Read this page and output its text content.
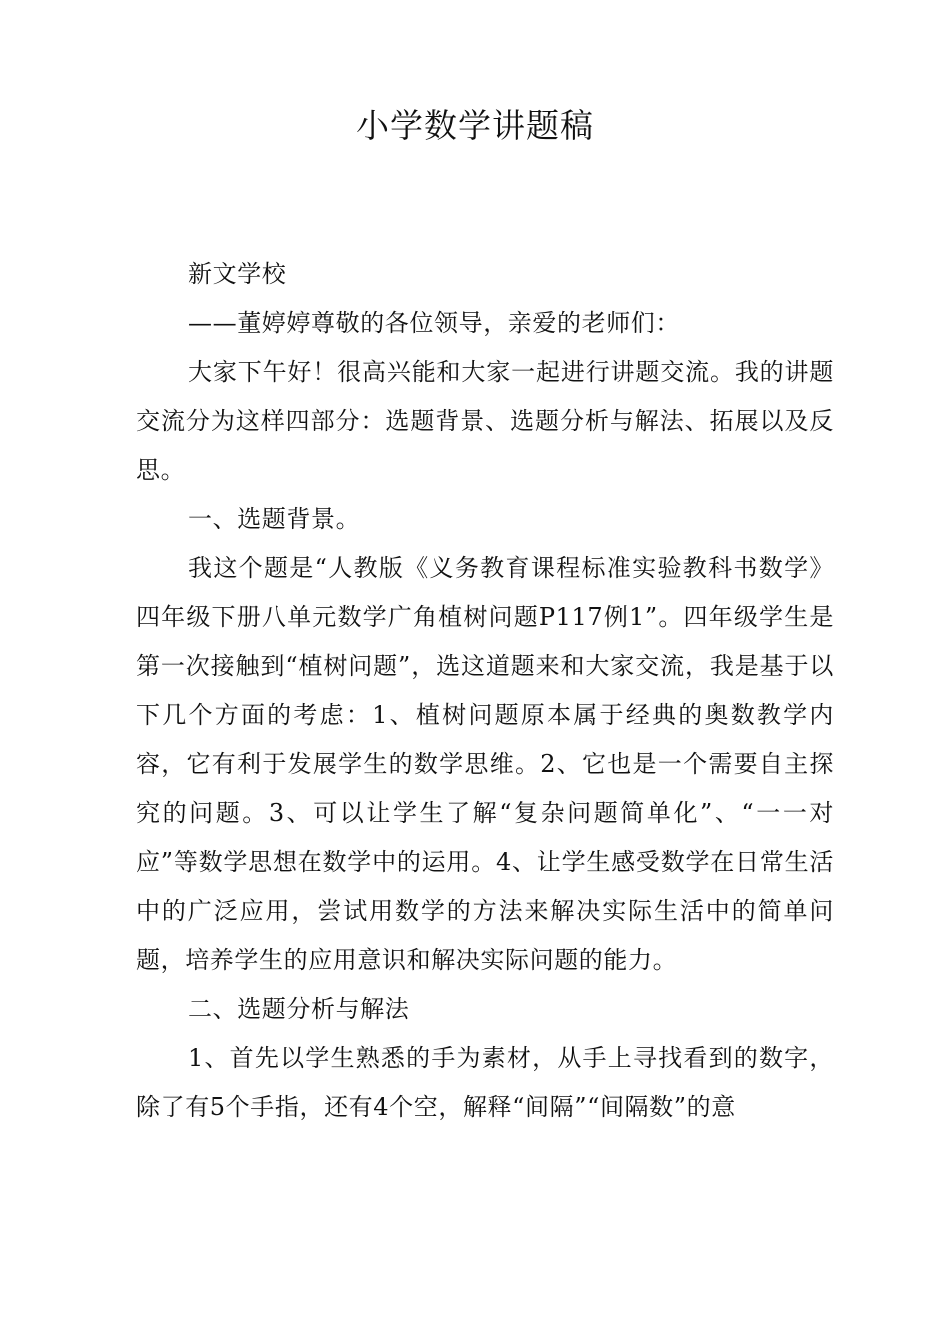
小学数学讲题稿

新文学校

——董婷婷尊敬的各位领导，亲爱的老师们：

大家下午好！很高兴能和大家一起进行讲题交流。我的讲题交流分为这样四部分：选题背景、选题分析与解法、拓展以及反思。

一、选题背景。

我这个题是“人教版《义务教育课程标准实验教科书数学》四年级下册八单元数学广角植树问题P117例1”。四年级学生是第一次接触到“植树问题”，选这道题来和大家交流，我是基于以下几个方面的考虑：1、植树问题原本属于经典的奥数教学内容，它有利于发展学生的数学思维。2、它也是一个需要自主探究的问题。3、可以让学生了解“复杂问题简单化”、“一一对应”等数学思想在数学中的运用。4、让学生感受数学在日常生活中的广泛应用，尝试用数学的方法来解决实际生活中的简单问题，培养学生的应用意识和解决实际问题的能力。

二、选题分析与解法

1、首先以学生熟悉的手为素材，从手上寻找看到的数字，除了有5个手指，还有4个空，解释“间隔”“间隔数”的意
